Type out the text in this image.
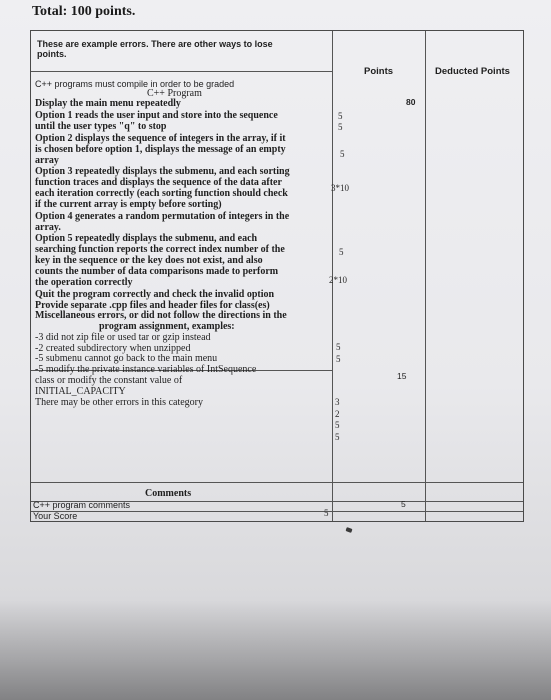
Total: 100 points.
These are example errors. There are other ways to lose
points.
Points	Deducted Points
C++ programs must compile in order to be graded
C++ Program
80
Display the main menu repeatedly
Option 1 reads the user input and store into the sequence
until the user types "q" to stop
Option 2 displays the sequence of integers in the array, if it
is chosen before option 1, displays the message of an empty
array
Option 3 repeatedly displays the submenu, and each sorting
function traces and displays the sequence of the data after
each iteration correctly (each sorting function should check
if the current array is empty before sorting)
Option 4 generates a random permutation of integers in the
array.
Option 5 repeatedly displays the submenu, and each
searching function reports the correct index number of the
key in the sequence or the key does not exist, and also
counts the number of data comparisons made to perform
the operation correctly
Quit the program correctly and check the invalid option
Provide separate .cpp files and header files for class(es)
Miscellaneous errors, or did not follow the directions in the
program assignment, examples:
-3 did not zip file or used tar or gzip instead
-2 created subdirectory when unzipped
-5 submenu cannot go back to the main menu
-5 modify the private instance variables of IntSequence
class or modify the constant value of
INITIAL_CAPACITY
There may be other errors in this category
5
5
5
3*10
5
2*10
5
5
3
2
5
5
5
15
Comments
5
C++ program comments
Your Score
